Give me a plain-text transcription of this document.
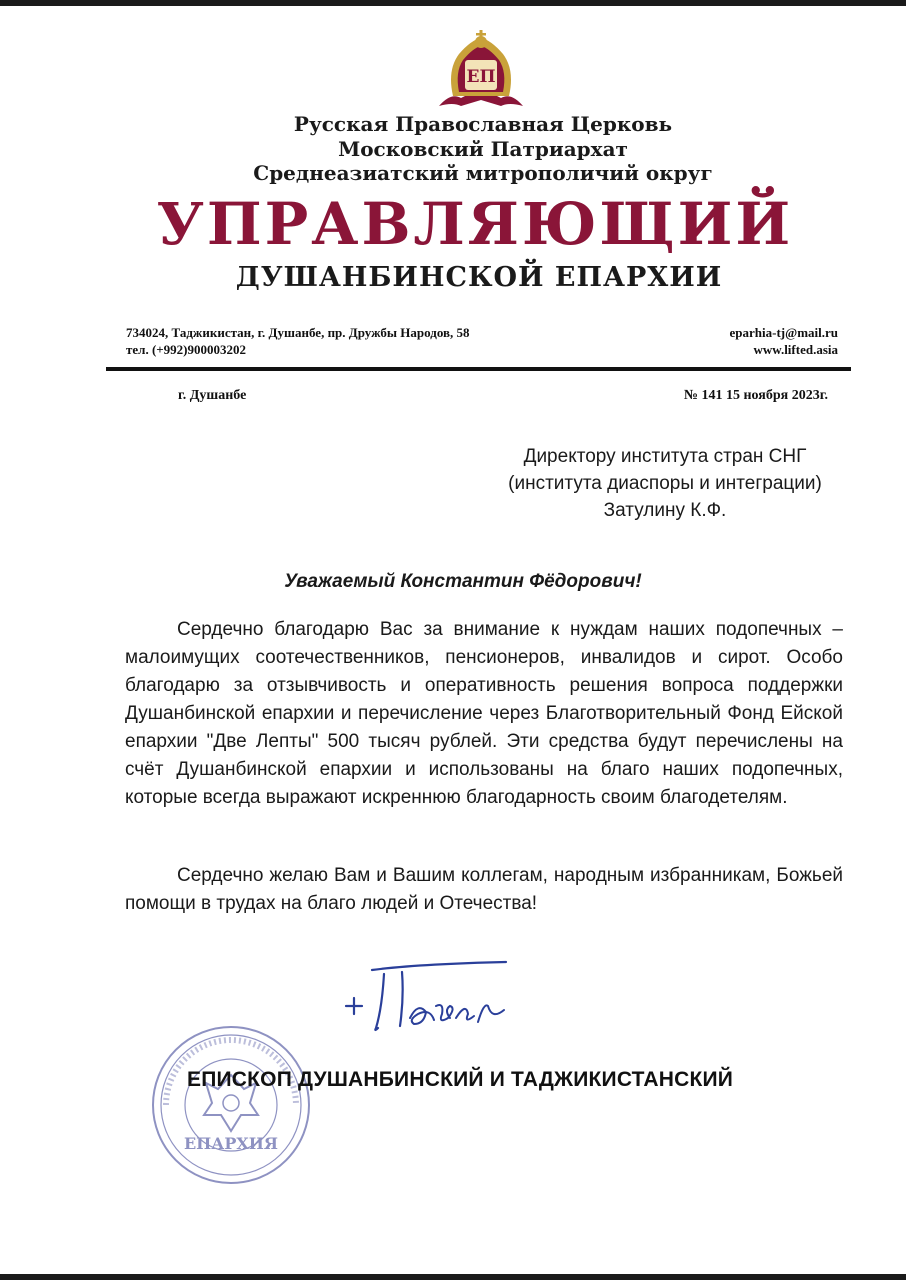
ЕП
Русская Православная Церковь
Московский Патриархат
Среднеазиатский митрополичий округ
УПРАВЛЯЮЩИЙ
ДУШАНБИНСКОЙ ЕПАРХИИ
734024, Таджикистан, г. Душанбе, пр. Дружбы Народов, 58
тел. (+992)900003202
eparhia-tj@mail.ru
www.lifted.asia
г. Душанбе	№ 141 15 ноября 2023г.
Директору института стран СНГ
(института диаспоры и интеграции)
Затулину К.Ф.
Уважаемый Константин Фёдорович!

Сердечно благодарю Вас за внимание к нуждам наших подопечных – малоимущих соотечественников, пенсионеров, инвалидов и сирот. Особо благодарю за отзывчивость и оперативность решения вопроса поддержки Душанбинской епархии и перечисление через Благотворительный Фонд Ейской епархии "Две Лепты" 500 тысяч рублей. Эти средства будут перечислены на счёт Душанбинской епархии и использованы на благо наших подопечных, которые всегда выражают искреннюю благодарность своим благодетелям.

Сердечно желаю Вам и Вашим коллегам, народным избранникам, Божьей помощи в трудах на благо людей и Отечества!

ЕПАРХИЯ
ЕПИСКОП ДУШАНБИНСКИЙ И ТАДЖИКИСТАНСКИЙ
